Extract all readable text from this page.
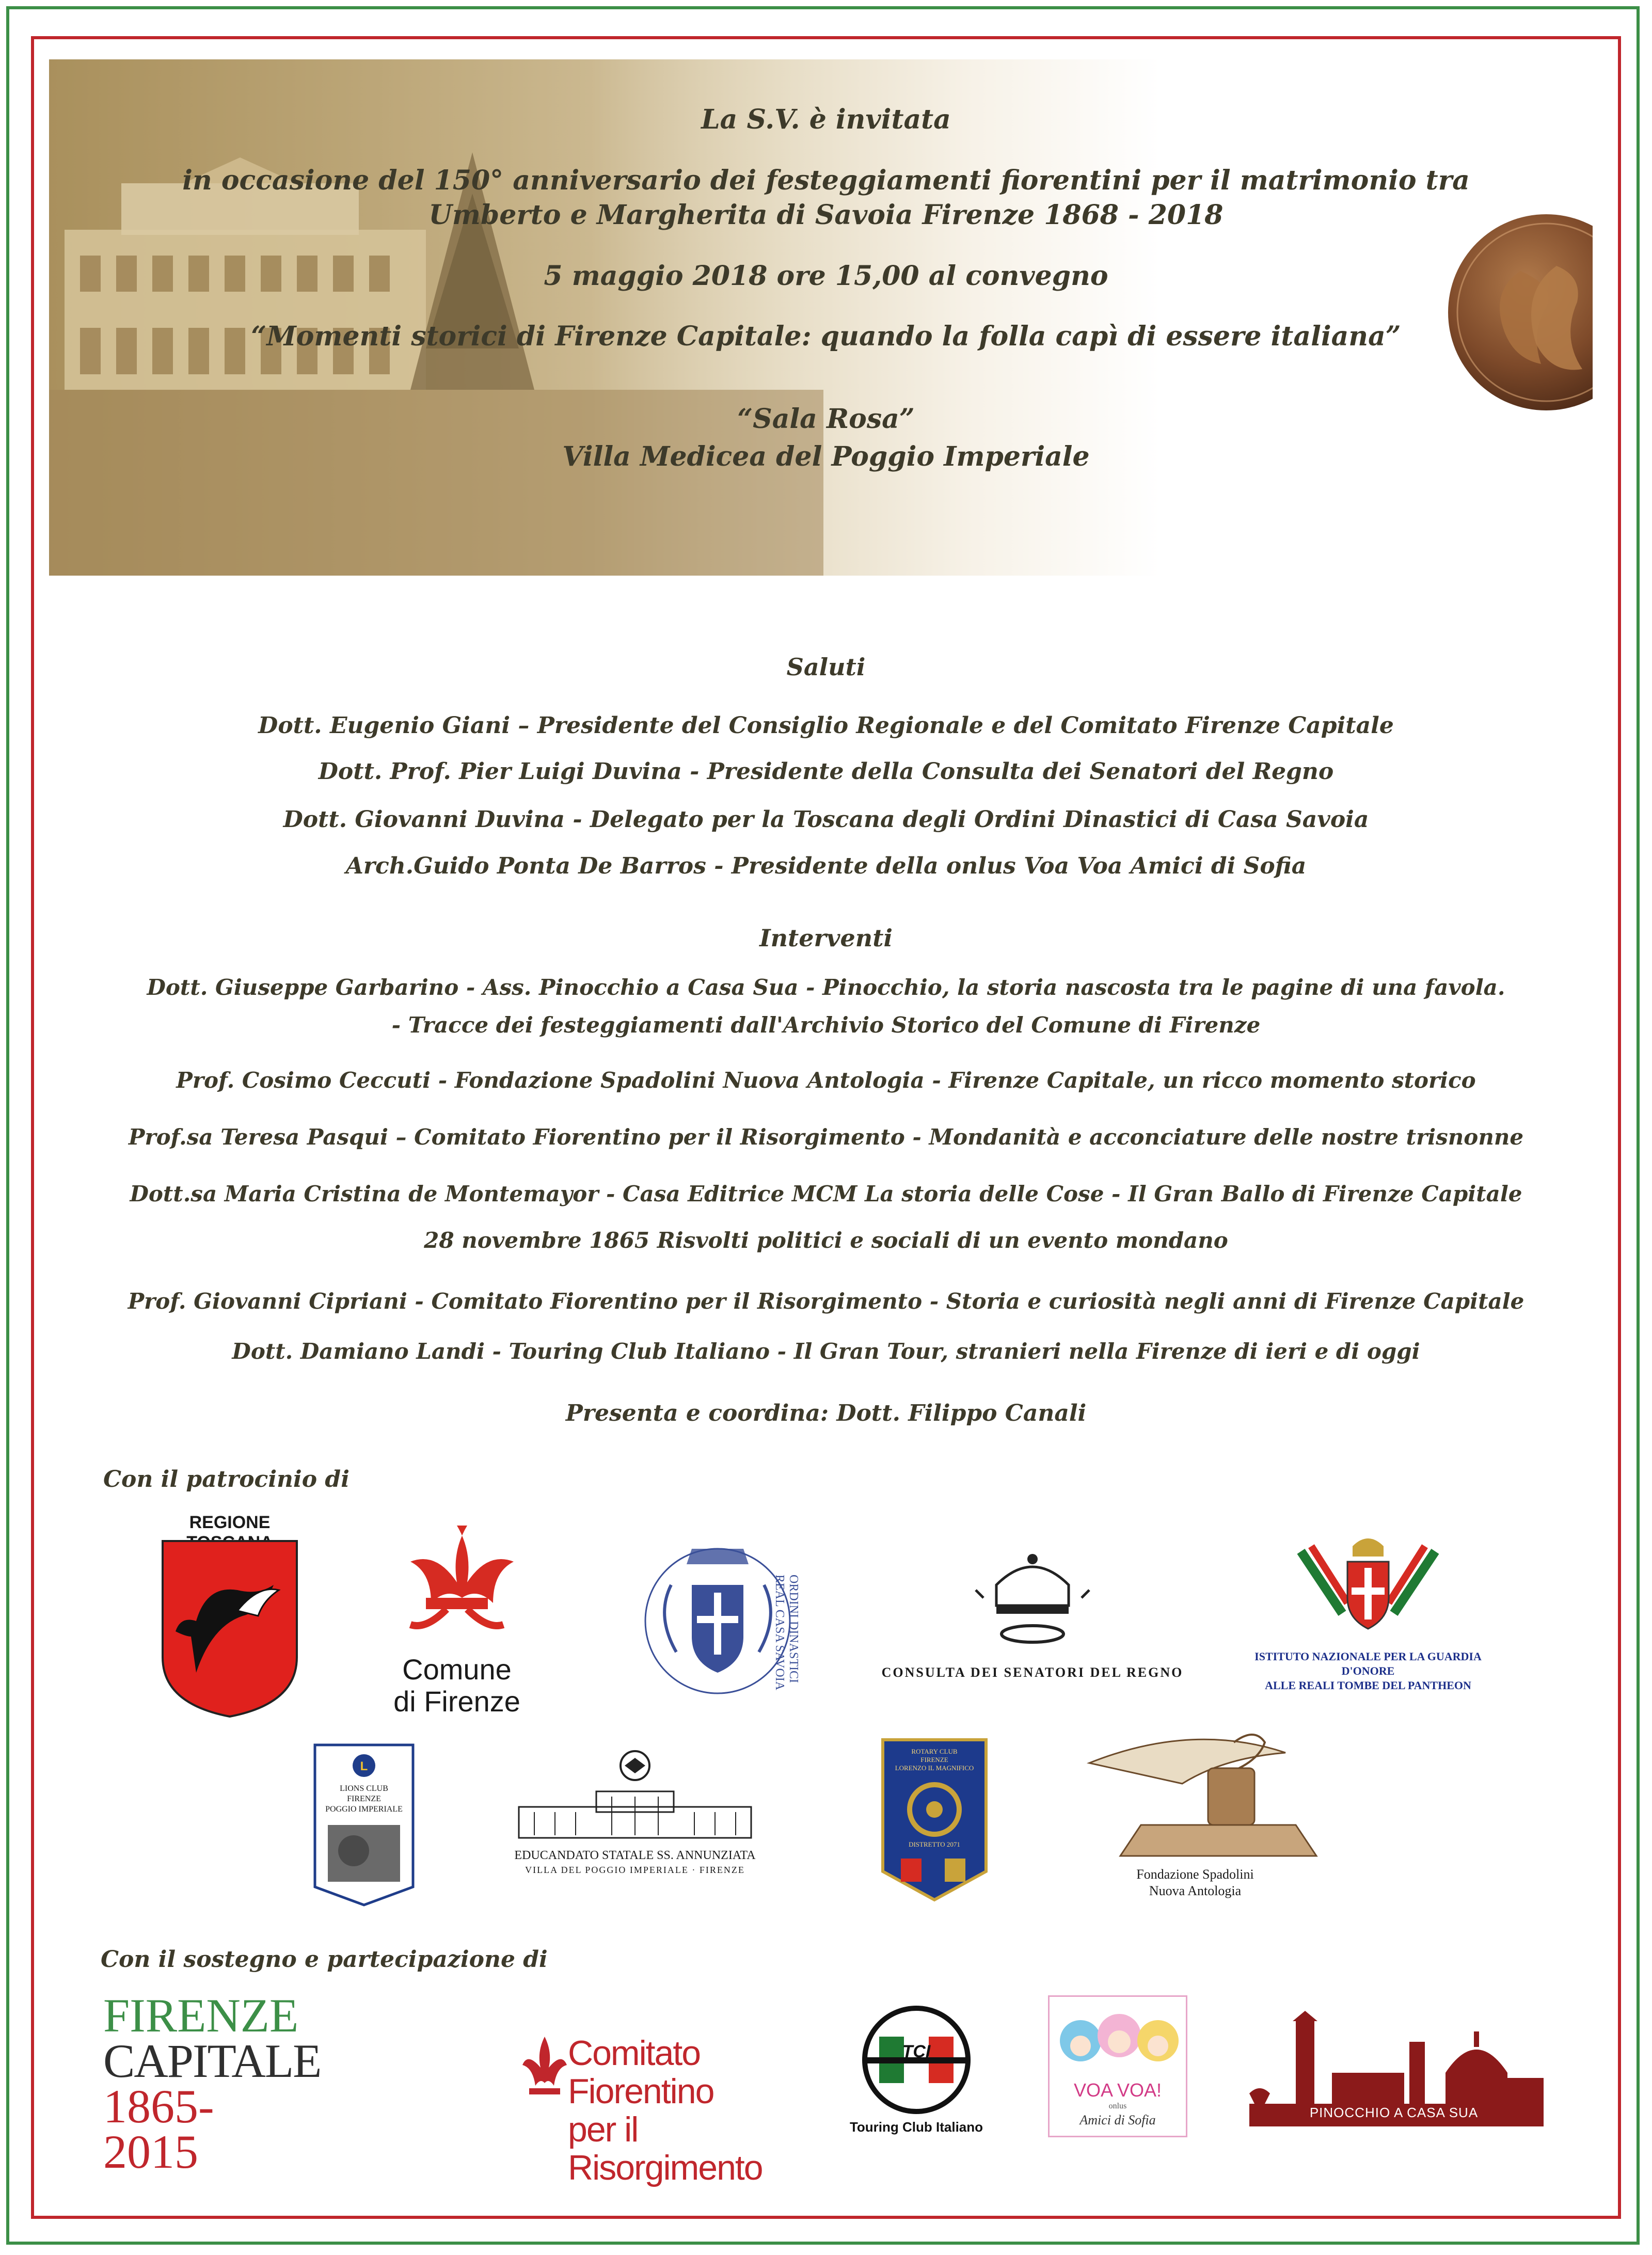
La S.V. è invitata
in occasione del 150° anniversario dei festeggiamenti fiorentini per il matrimonio tra
Umberto e Margherita di Savoia Firenze 1868 - 2018
5 maggio 2018 ore 15,00 al convegno
“Momenti storici di Firenze Capitale: quando la folla capì di essere italiana”
“Sala Rosa”
Villa Medicea del Poggio Imperiale
Saluti
Dott. Eugenio Giani – Presidente del Consiglio Regionale e del Comitato Firenze Capitale
Dott. Prof. Pier Luigi Duvina - Presidente della Consulta dei Senatori del Regno
Dott. Giovanni Duvina - Delegato per la Toscana degli Ordini Dinastici di Casa Savoia
Arch.Guido Ponta De Barros - Presidente della onlus Voa Voa Amici di Sofia
Interventi
Dott. Giuseppe Garbarino - Ass. Pinocchio a Casa Sua - Pinocchio, la storia nascosta tra le pagine di una favola.
- Tracce dei festeggiamenti dall'Archivio Storico del Comune di Firenze
Prof. Cosimo Ceccuti - Fondazione Spadolini Nuova Antologia - Firenze Capitale, un ricco momento storico
Prof.sa Teresa Pasqui – Comitato Fiorentino per il Risorgimento - Mondanità e acconciature delle nostre trisnonne
Dott.sa Maria Cristina de Montemayor - Casa Editrice MCM La storia delle Cose - Il Gran Ballo di Firenze Capitale
28 novembre 1865 Risvolti politici e sociali di un evento mondano
Prof. Giovanni Cipriani - Comitato Fiorentino per il Risorgimento - Storia e curiosità negli anni di Firenze Capitale
Dott. Damiano Landi - Touring Club Italiano - Il Gran Tour, stranieri nella Firenze di ieri e di oggi
Presenta e coordina: Dott. Filippo Canali
Con il patrocinio di
REGIONE
Comune
di Firenze
ORDINI DINASTICI REAL CASA SAVOIA	CONSULTA DEI SENATORI DEL REGNO
ISTITUTO NAZIONALE PER LA GUARDIA D'ONORE
ALLE REALI TOMBE DEL PANTHEON
L
LIONS CLUB
FIRENZE
POGGIO IMPERIALE
EDUCANDATO STATALE SS. ANNUNZIATA
VILLA DEL POGGIO IMPERIALE · FIRENZE
ROTARY CLUB
FIRENZE
LORENZO IL MAGNIFICO
DISTRETTO 2071
Fondazione Spadolini
Nuova Antologia
Con il sostegno e partecipazione di
FIRENZE
CAPITALE
1865-2015
Comitato Fiorentino
per il Risorgimento
TCI
Touring Club Italiano
VOA VOA!
onlus
Amici di Sofia	PINOCCHIO A CASA SUA
